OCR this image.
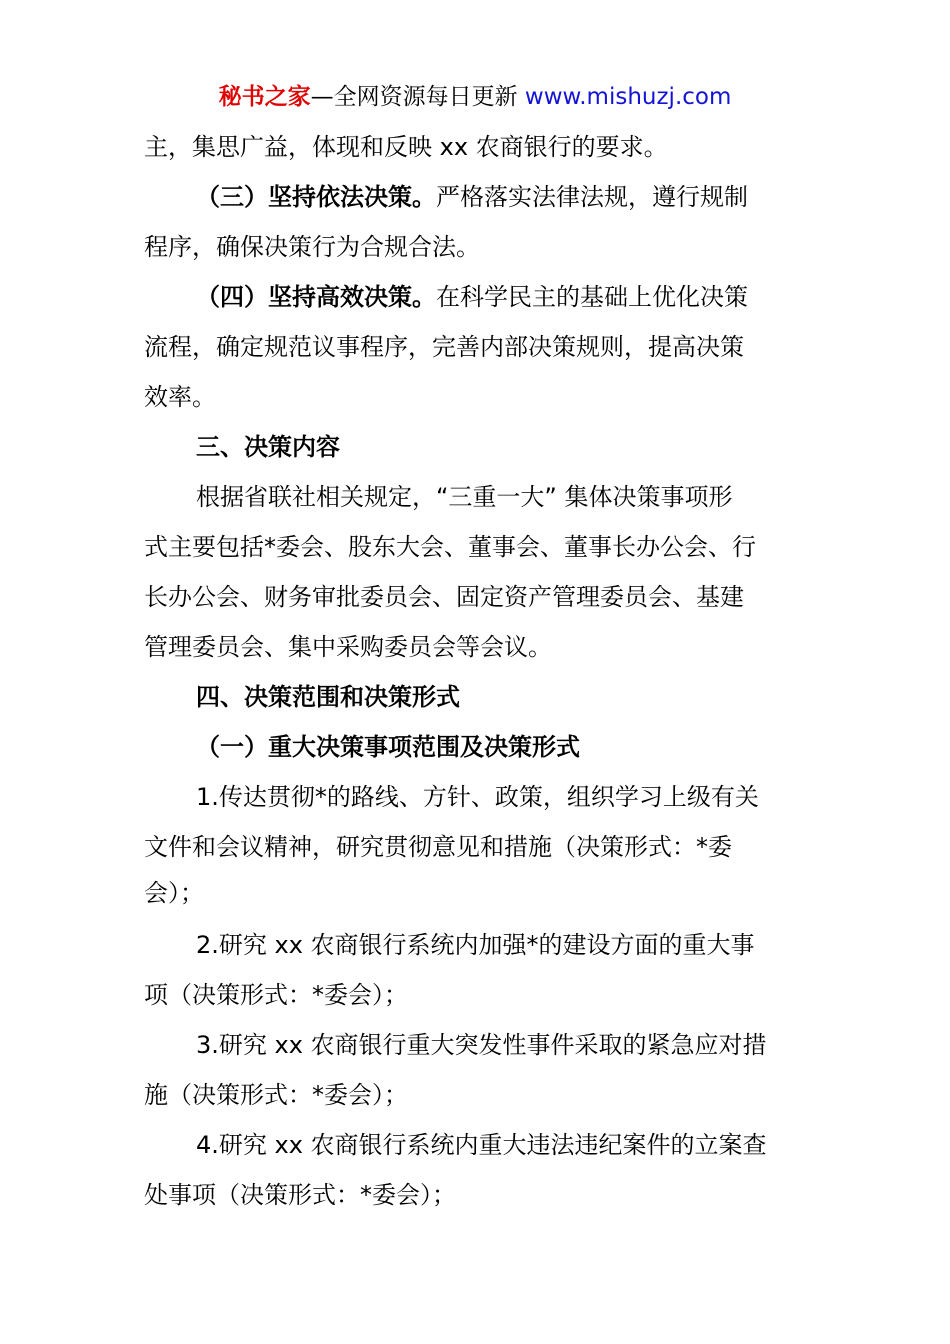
秘书之家—全网资源每日更新 www.mishuzj.com
主，集思广益，体现和反映 xx 农商银行的要求。
（三）坚持依法决策。严格落实法律法规，遵行规制
程序，确保决策行为合规合法。
（四）坚持高效决策。在科学民主的基础上优化决策
流程，确定规范议事程序，完善内部决策规则，提高决策
效率。
三、决策内容
根据省联社相关规定，“三重一大” 集体决策事项形
式主要包括*委会、股东大会、董事会、董事长办公会、行
长办公会、财务审批委员会、固定资产管理委员会、基建
管理委员会、集中采购委员会等会议。
四、决策范围和决策形式
（一）重大决策事项范围及决策形式
1.传达贯彻*的路线、方针、政策，组织学习上级有关
文件和会议精神，研究贯彻意见和措施（决策形式：*委
会）；
2.研究 xx 农商银行系统内加强*的建设方面的重大事
项（决策形式：*委会）；
3.研究 xx 农商银行重大突发性事件采取的紧急应对措
施（决策形式：*委会）；
4.研究 xx 农商银行系统内重大违法违纪案件的立案查
处事项（决策形式：*委会）；
